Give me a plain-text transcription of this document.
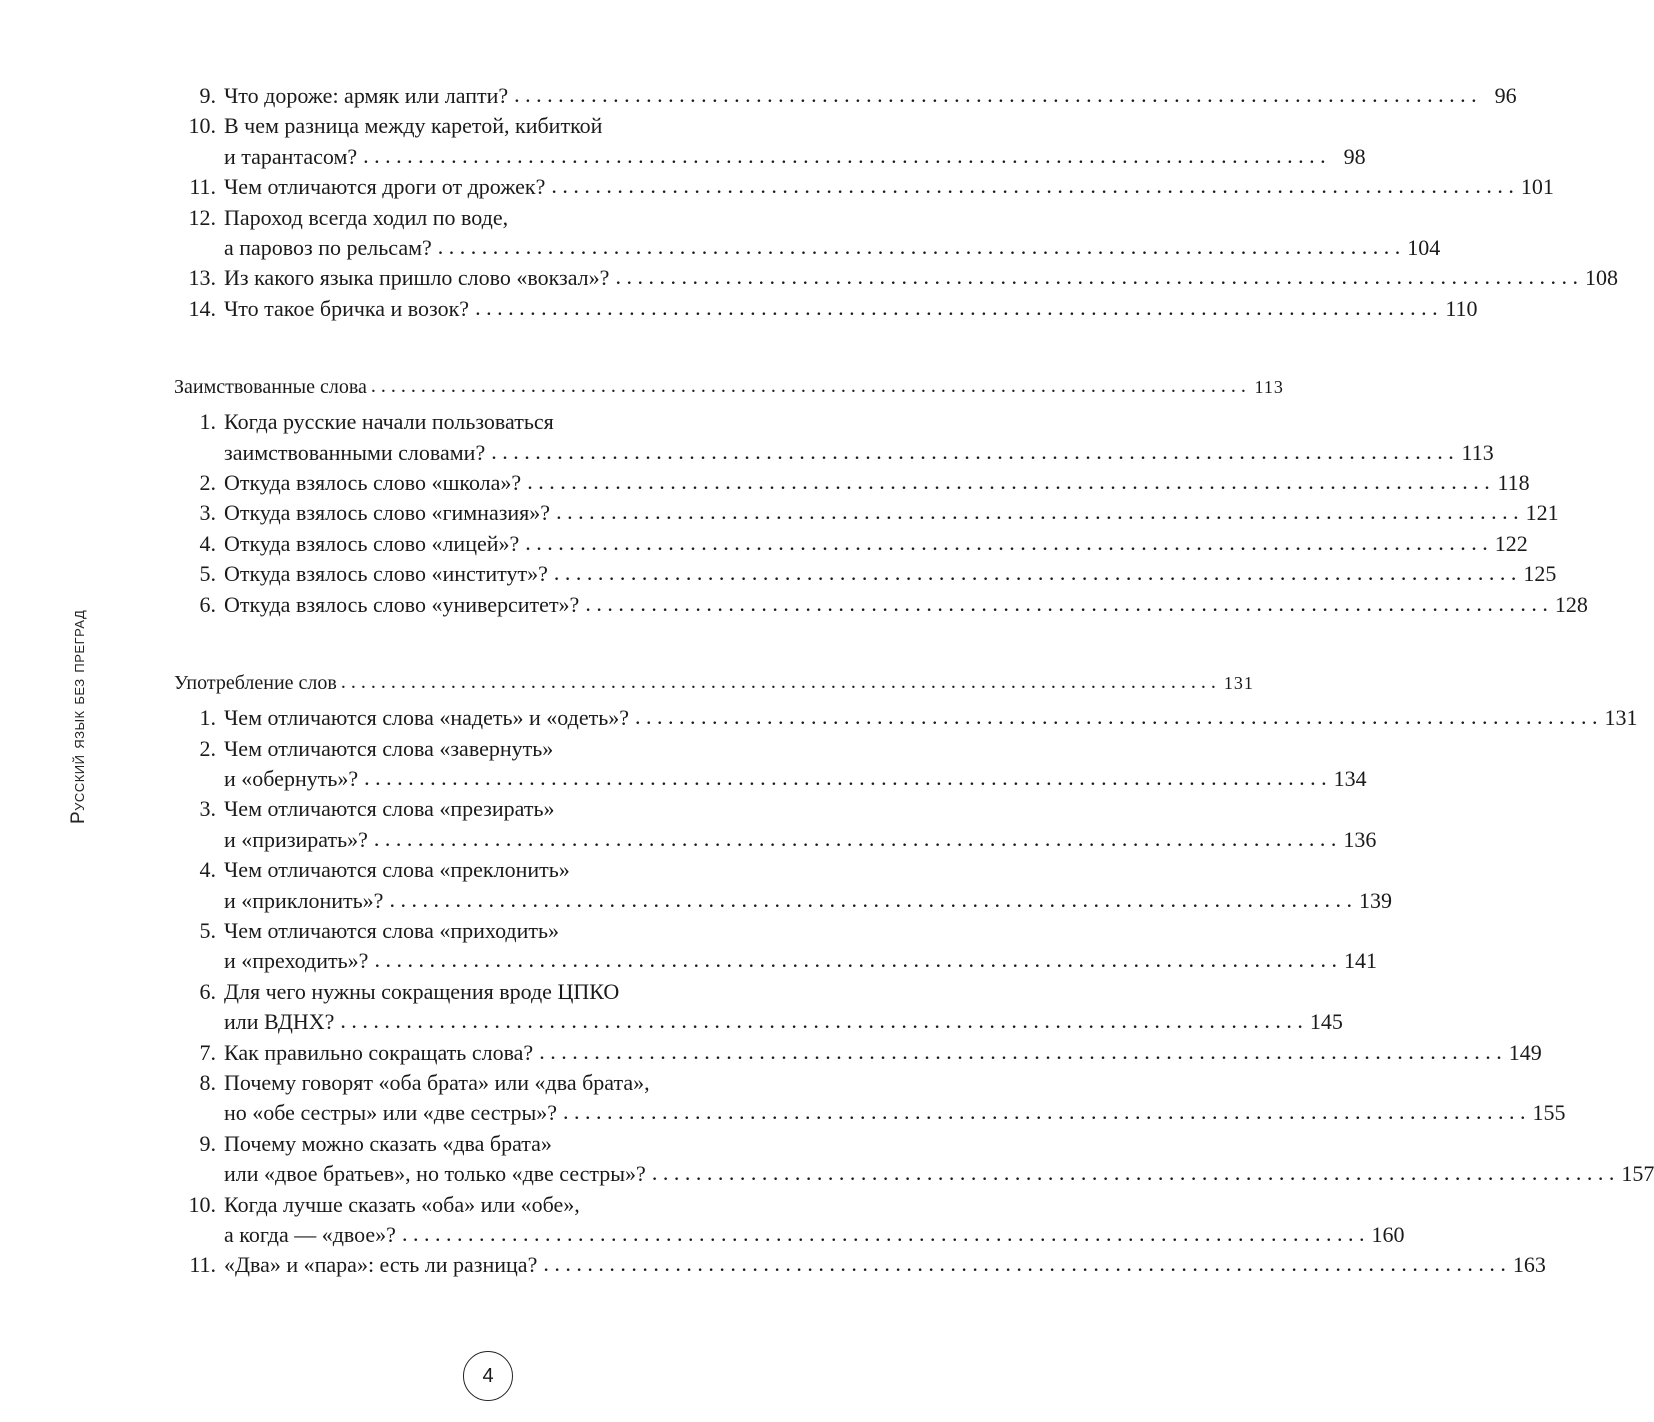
Русский язык без преград
9. Что дороже: армяк или лапти? . . .	96
10. В чем разница между каретой, кибиткой
и тарантасом? . . .	98
11. Чем отличаются дроги от дрожек? . . .	101
12. Пароход всегда ходил по воде,
а паровоз по рельсам? . . .	104
13. Из какого языка пришло слово «вокзал»? . . .	108
14. Что такое бричка и возок? . . .	110
Заимствованные слова . . .	113
1. Когда русские начали пользоваться
заимствованными словами? . . .	113
2. Откуда взялось слово «школа»? . . .	118
3. Откуда взялось слово «гимназия»? . . .	121
4. Откуда взялось слово «лицей»? . . .	122
5. Откуда взялось слово «институт»? . . .	125
6. Откуда взялось слово «университет»? . . .	128
Употребление слов . . .	131
1. Чем отличаются слова «надеть» и «одеть»? . . .	131
2. Чем отличаются слова «завернуть»
и «обернуть»? . . .	134
3. Чем отличаются слова «презирать»
и «призирать»? . . .	136
4. Чем отличаются слова «преклонить»
и «приклонить»? . . .	139
5. Чем отличаются слова «приходить»
и «преходить»? . . .	141
6. Для чего нужны сокращения вроде ЦПКО
или ВДНХ? . . .	145
7. Как правильно сокращать слова? . . .	149
8. Почему говорят «оба брата» или «два брата»,
но «обе сестры» или «две сестры»? . . .	155
9. Почему можно сказать «два брата»
или «двое братьев», но только «две сестры»? . . .	157
10. Когда лучше сказать «оба» или «обе»,
а когда — «двое»? . . .	160
11. «Два» и «пара»: есть ли разница? . . .	163
4
